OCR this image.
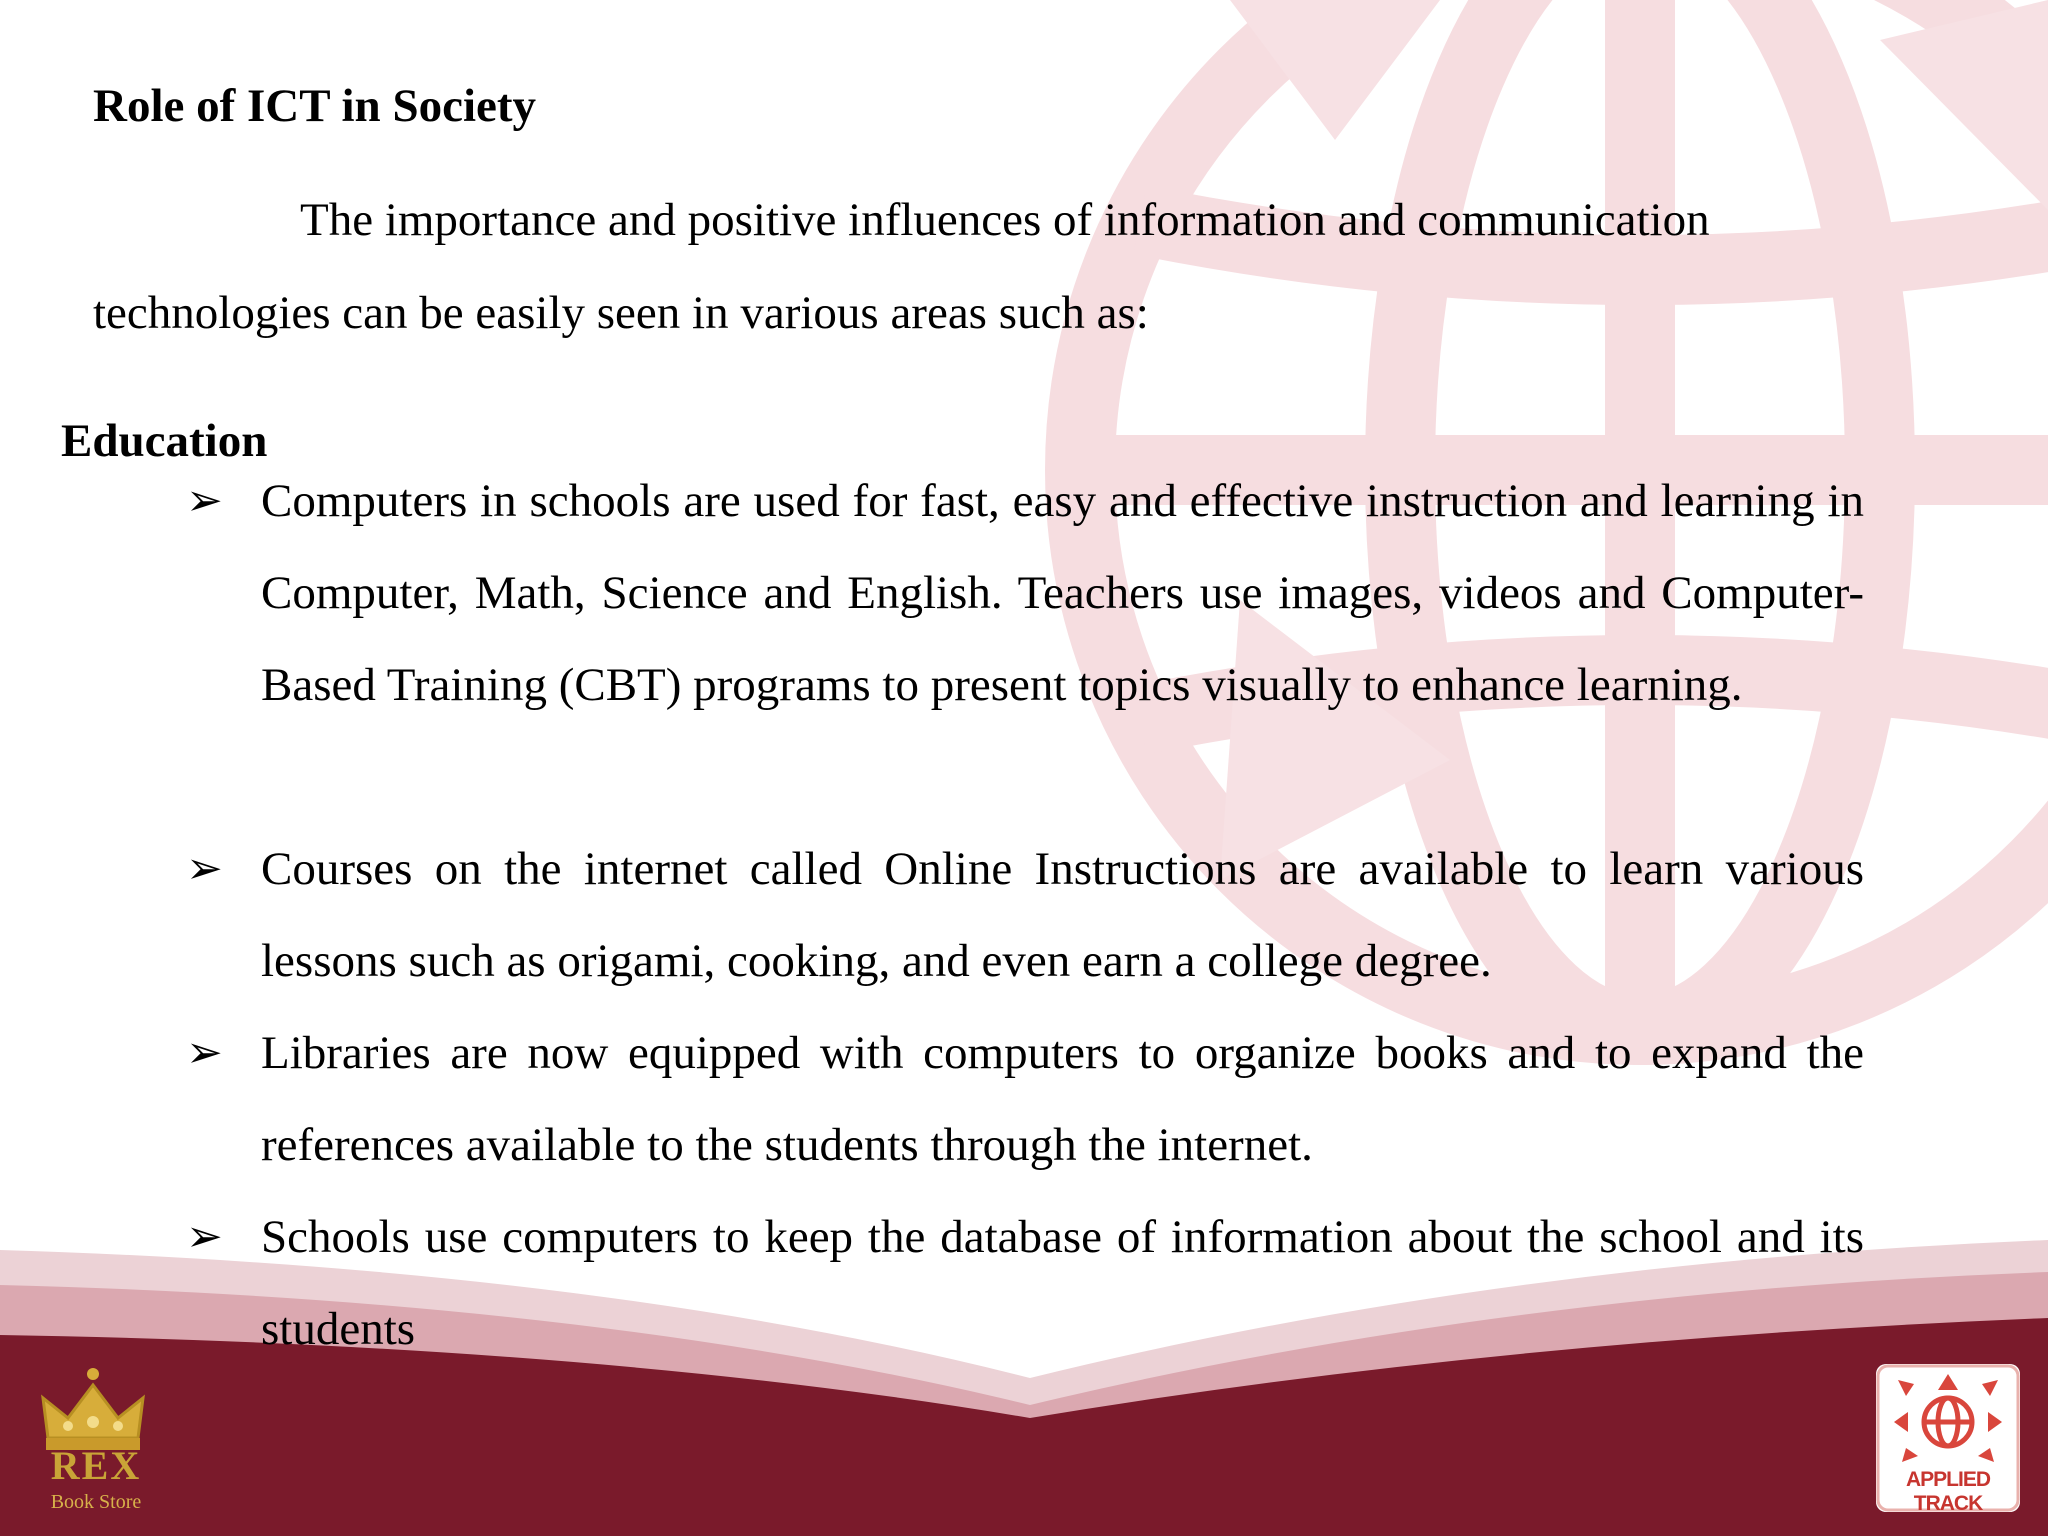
Role of ICT in Society

The importance and positive influences of information and communication

technologies can be easily seen in various areas such as:

Education
➢ Computers in schools are used for fast, easy and effective instruction and learning in Computer, Math, Science and English. Teachers use images, videos and Computer-Based Training (CBT) programs to present topics visually to enhance learning.

➢ Courses on the internet called Online Instructions are available to learn various lessons such as origami, cooking, and even earn a college degree.

➢ Libraries are now equipped with computers to organize books and to expand the references available to the students through the internet.

➢ Schools use computers to keep the database of information about the school and its students

REX
Book Store
APPLIED TRACK
